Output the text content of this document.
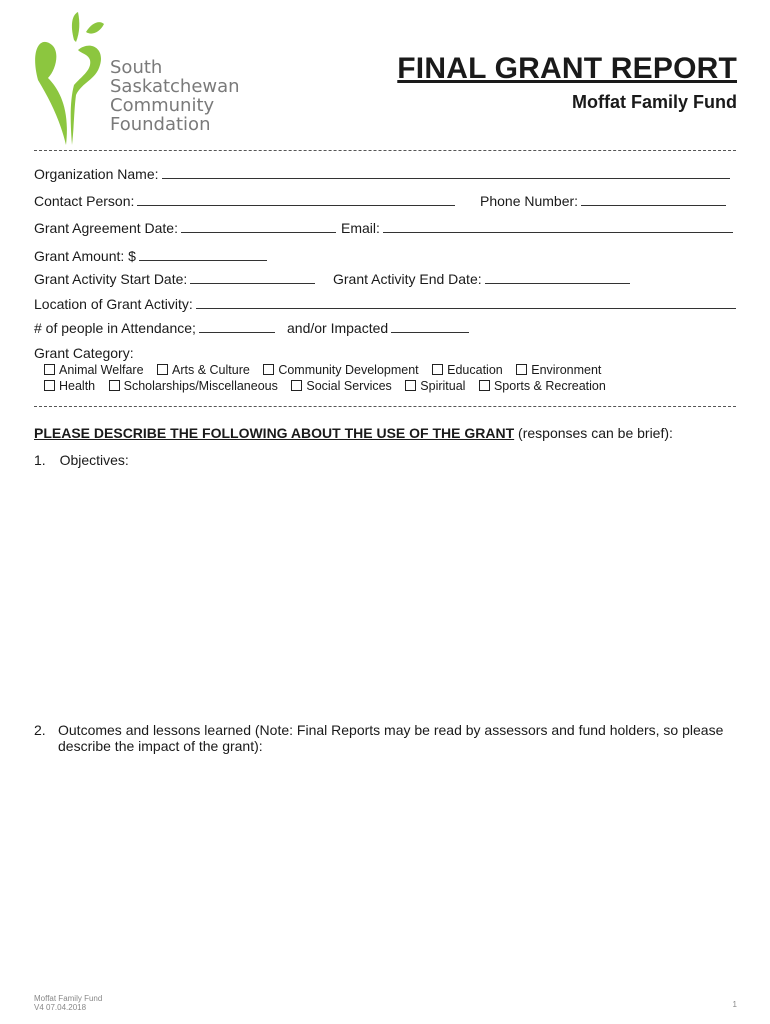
South
Saskatchewan
Community
Foundation
FINAL GRANT REPORT
Moffat Family Fund
Organization Name:
Contact Person:	Phone Number:
Grant Agreement Date:	Email:
Grant Amount: $
Grant Activity Start Date:	Grant Activity End Date:
Location of Grant Activity:
# of people in Attendance;	and/or Impacted
Grant Category:
Animal Welfare Arts & Culture Community Development Education Environment
Health Scholarships/Miscellaneous Social Services Spiritual Sports & Recreation
PLEASE DESCRIBE THE FOLLOWING ABOUT THE USE OF THE GRANT (responses can be brief):
1. Objectives:
2. Outcomes and lessons learned (Note: Final Reports may be read by assessors and fund holders, so please describe the impact of the grant):
Moffat Family Fund
V4 07.04.2018	1
